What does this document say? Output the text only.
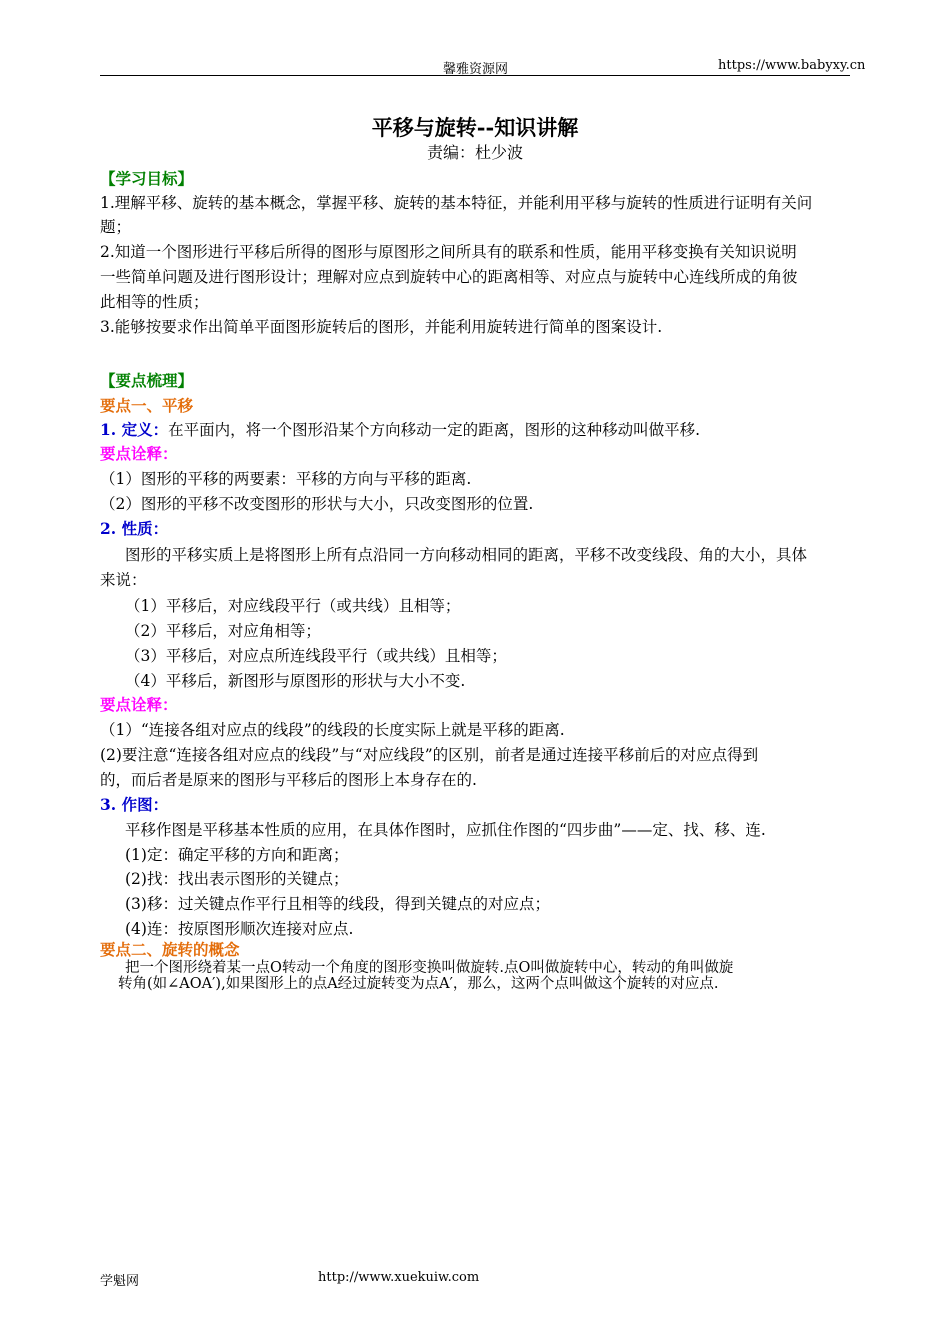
馨雅资源网	https://www.babyxy.cn
平移与旋转--知识讲解
责编：杜少波
【学习目标】
1.理解平移、旋转的基本概念，掌握平移、旋转的基本特征，并能利用平移与旋转的性质进行证明有关问
题；
2.知道一个图形进行平移后所得的图形与原图形之间所具有的联系和性质，能用平移变换有关知识说明
一些简单问题及进行图形设计；理解对应点到旋转中心的距离相等、对应点与旋转中心连线所成的角彼
此相等的性质；
3.能够按要求作出简单平面图形旋转后的图形，并能利用旋转进行简单的图案设计.
【要点梳理】
要点一、平移
1. 定义：在平面内，将一个图形沿某个方向移动一定的距离，图形的这种移动叫做平移.
要点诠释：
（1）图形的平移的两要素：平移的方向与平移的距离.
（2）图形的平移不改变图形的形状与大小，只改变图形的位置.
2. 性质：
图形的平移实质上是将图形上所有点沿同一方向移动相同的距离，平移不改变线段、角的大小，具体
来说：
（1）平移后，对应线段平行（或共线）且相等；
（2）平移后，对应角相等；
（3）平移后，对应点所连线段平行（或共线）且相等；
（4）平移后，新图形与原图形的形状与大小不变.
要点诠释：
（1）“连接各组对应点的线段”的线段的长度实际上就是平移的距离.
(2)要注意“连接各组对应点的线段”与“对应线段”的区别，前者是通过连接平移前后的对应点得到
的，而后者是原来的图形与平移后的图形上本身存在的.
3. 作图：
平移作图是平移基本性质的应用，在具体作图时，应抓住作图的“四步曲”——定、找、移、连.
(1)定：确定平移的方向和距离；
(2)找：找出表示图形的关键点；
(3)移：过关键点作平行且相等的线段，得到关键点的对应点；
(4)连：按原图形顺次连接对应点.
要点二、旋转的概念
把一个图形绕着某一点O转动一个角度的图形变换叫做旋转.点O叫做旋转中心，转动的角叫做旋
转角(如∠AOA′),如果图形上的点A经过旋转变为点A′，那么，这两个点叫做这个旋转的对应点.
学魁网	http://www.xuekuiw.com
